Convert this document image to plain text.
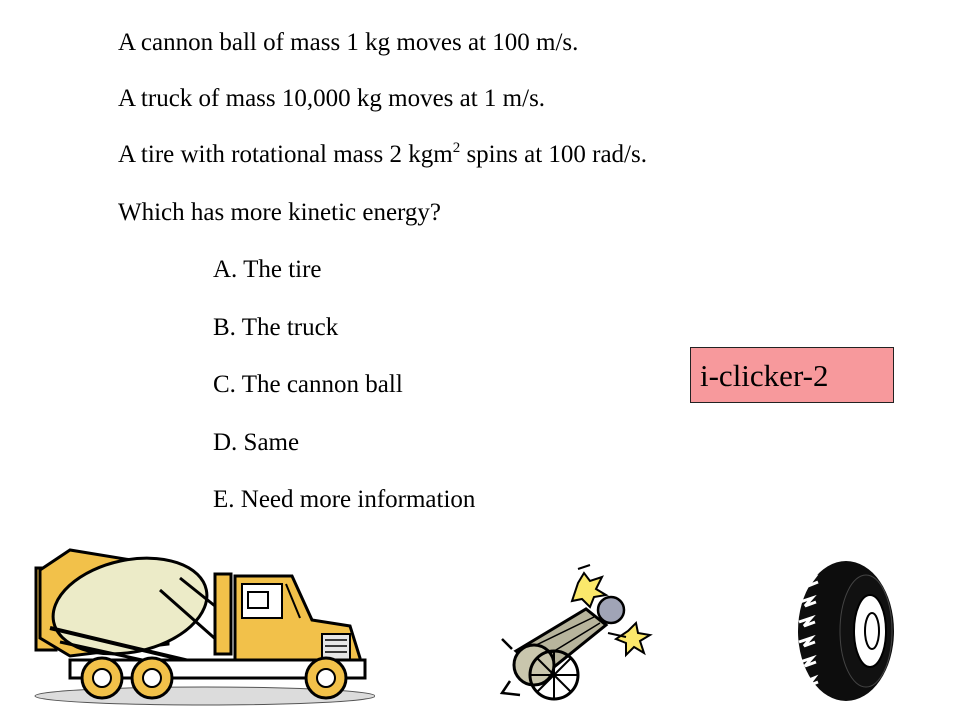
A cannon ball of mass 1 kg moves at 100 m/s.
A truck of mass 10,000 kg moves at 1 m/s.
A tire with rotational mass 2 kgm$^2$ spins at 100 rad/s.
Which has more kinetic energy?
A. The tire
B. The truck
C. The cannon ball
D. Same
E. Need more information
i-clicker-2
